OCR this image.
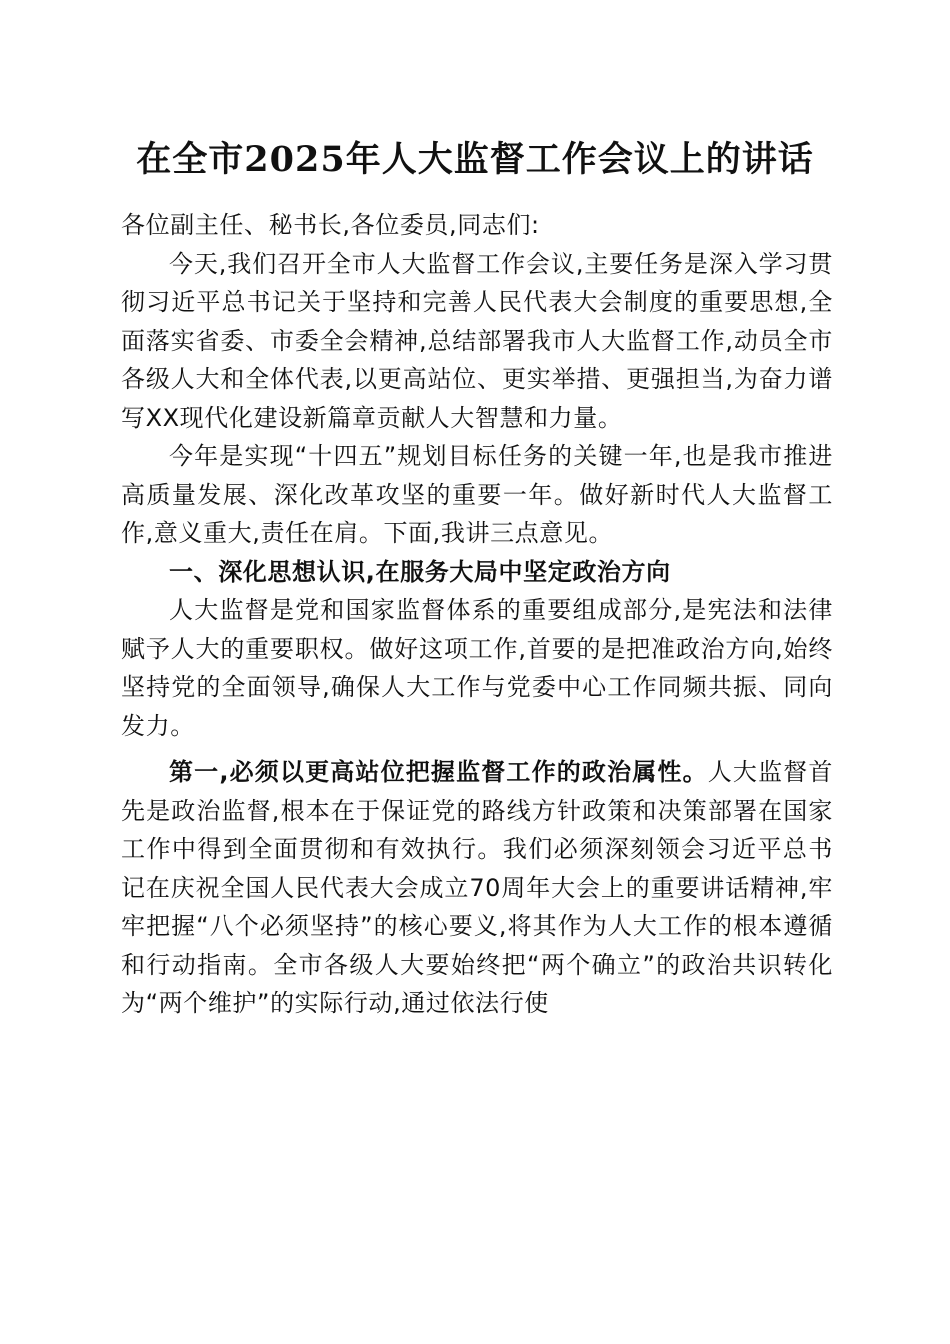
在全市2025年人大监督工作会议上的讲话

各位副主任、秘书长,各位委员,同志们:

今天,我们召开全市人大监督工作会议,主要任务是深入学习贯彻习近平总书记关于坚持和完善人民代表大会制度的重要思想,全面落实省委、市委全会精神,总结部署我市人大监督工作,动员全市各级人大和全体代表,以更高站位、更实举措、更强担当,为奋力谱写XX现代化建设新篇章贡献人大智慧和力量。

今年是实现“十四五”规划目标任务的关键一年,也是我市推进高质量发展、深化改革攻坚的重要一年。做好新时代人大监督工作,意义重大,责任在肩。下面,我讲三点意见。

一、深化思想认识,在服务大局中坚定政治方向

人大监督是党和国家监督体系的重要组成部分,是宪法和法律赋予人大的重要职权。做好这项工作,首要的是把准政治方向,始终坚持党的全面领导,确保人大工作与党委中心工作同频共振、同向发力。

第一,必须以更高站位把握监督工作的政治属性。人大监督首先是政治监督,根本在于保证党的路线方针政策和决策部署在国家工作中得到全面贯彻和有效执行。我们必须深刻领会习近平总书记在庆祝全国人民代表大会成立70周年大会上的重要讲话精神,牢牢把握“八个必须坚持”的核心要义,将其作为人大工作的根本遵循和行动指南。全市各级人大要始终把“两个确立”的政治共识转化为“两个维护”的实际行动,通过依法行使
